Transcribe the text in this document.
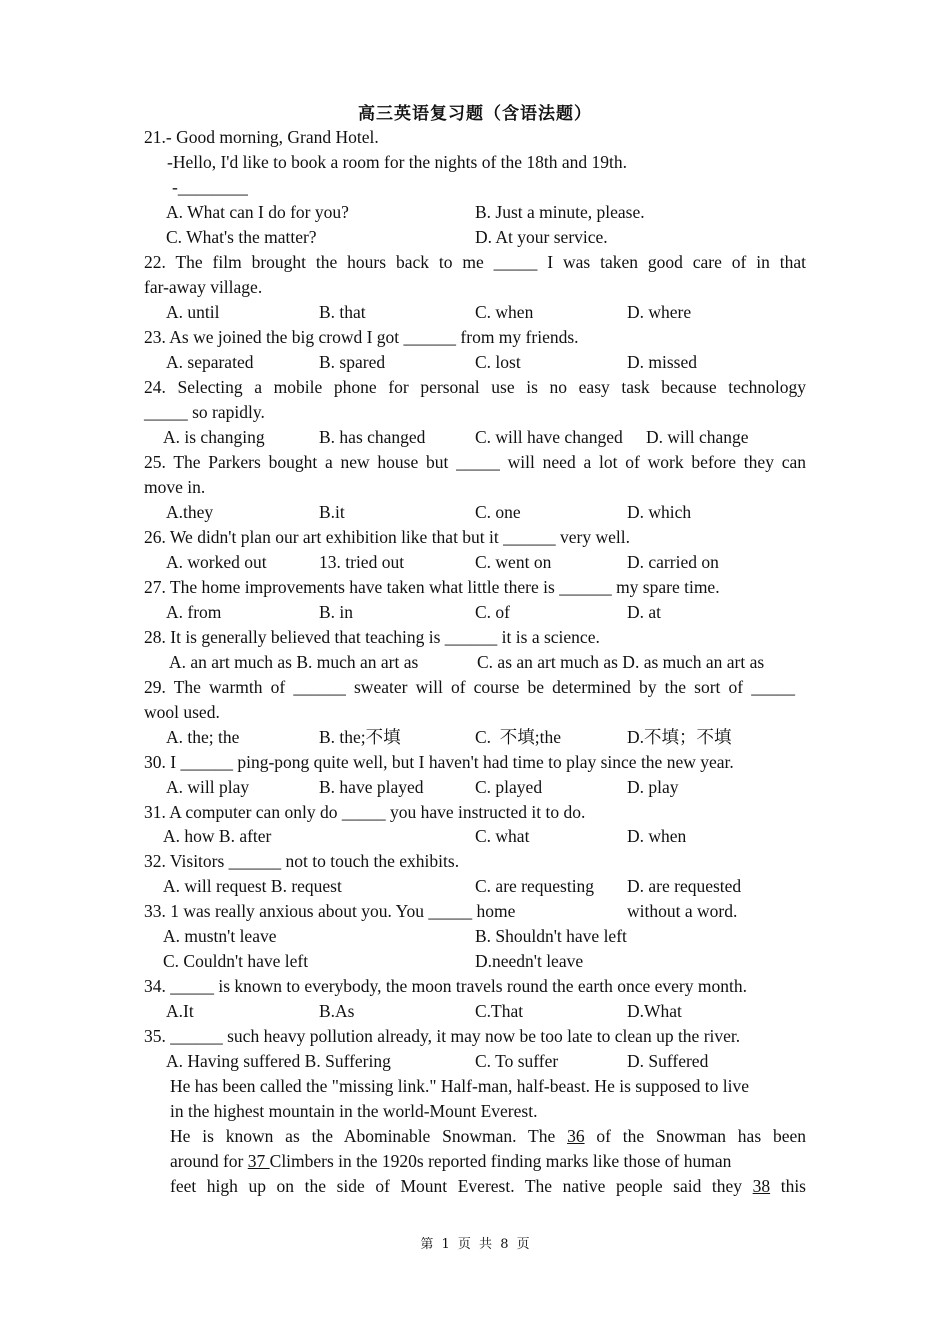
高三英语复习题（含语法题）
21.- Good morning, Grand Hotel.
-Hello, I'd like to book a room for the nights of the 18th and 19th.
-________
A. What can I do for you?	B. Just a minute, please.
C. What's the matter?	D. At your service.
22. The film brought the hours back to me _____ I was taken good care of in that
far-away village.
A. until	B. that	C. when	D. where
23. As we joined the big crowd I got ______ from my friends.
A. separated	B. spared	C. lost	D. missed
24. Selecting a mobile phone for personal use is no easy task because technology
_____ so rapidly.
A. is changing	B. has changed	C. will have changed D. will change
25. The Parkers bought a new house but _____ will need a lot of work before they can
move in.
A.they	B.it	C. one	D. which
26. We didn't plan our art exhibition like that but it ______ very well.
A. worked out	13. tried out	C. went on	D. carried on
27. The home improvements have taken what little there is ______ my spare time.
A. from	B. in	C. of	D. at
28. It is generally believed that teaching is ______ it is a science.
A. an art much as B. much an art as	C. as an art much as D. as much an art as
29. The warmth of ______ sweater will of course be determined by the sort of _____
wool used.
A. the; the	B. the;不填	C.  不填;the	D.不填；不填
30. I ______ ping-pong quite well, but I haven't had time to play since the new year.
A. will play	B. have played	C. played	D. play
31. A computer can only do _____ you have instructed it to do.
A. how B. after	C. what	D. when
32. Visitors ______ not to touch the exhibits.
A. will request B. request	C. are requesting D. are requested
33. 1 was really anxious about you. You _____ home	without a word.
A. mustn't leave	B. Shouldn't have left
C. Couldn't have left	D.needn't leave
34. _____ is known to everybody, the moon travels round the earth once every month.
A.It	B.As	C.That	D.What
35. ______ such heavy pollution already, it may now be too late to clean up the river.
A. Having suffered B. Suffering	C. To suffer	D. Suffered
He has been called the "missing link." Half-man, half-beast. He is supposed to live
in the highest mountain in the world-Mount Everest.
He is known as the Abominable Snowman. The 36 of the Snowman has been
around for 37 Climbers in the 1920s reported finding marks like those of human
feet high up on the side of Mount Everest. The native people said they 38 this
第 1 页 共 8 页
